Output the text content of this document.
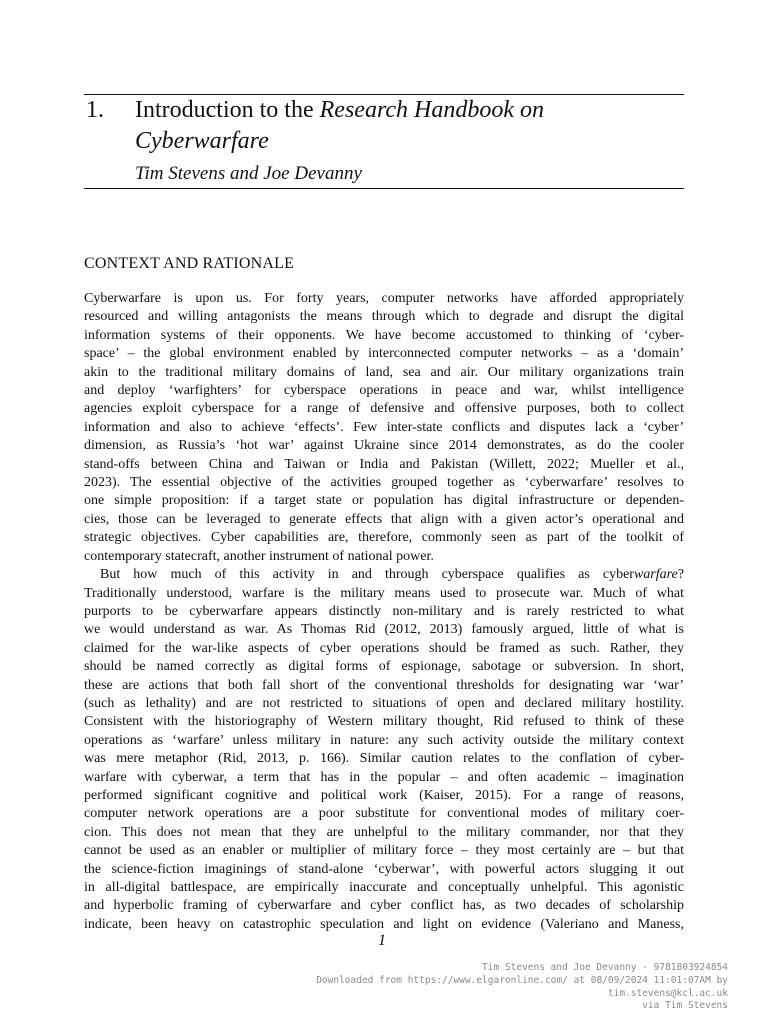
1. Introduction to the Research Handbook on
Cyberwarfare
Tim Stevens and Joe Devanny
CONTEXT AND RATIONALE

Cyberwarfare is upon us. For forty years, computer networks have afforded appropriately

resourced and willing antagonists the means through which to degrade and disrupt the digital

information systems of their opponents. We have become accustomed to thinking of ‘cyber-

space’ – the global environment enabled by interconnected computer networks – as a ‘domain’

akin to the traditional military domains of land, sea and air. Our military organizations train

and deploy ‘warfighters’ for cyberspace operations in peace and war, whilst intelligence

agencies exploit cyberspace for a range of defensive and offensive purposes, both to collect

information and also to achieve ‘effects’. Few inter-state conflicts and disputes lack a ‘cyber’

dimension, as Russia’s ‘hot war’ against Ukraine since 2014 demonstrates, as do the cooler

stand-offs between China and Taiwan or India and Pakistan (Willett, 2022; Mueller et al.,

2023). The essential objective of the activities grouped together as ‘cyberwarfare’ resolves to

one simple proposition: if a target state or population has digital infrastructure or dependen-

cies, those can be leveraged to generate effects that align with a given actor’s operational and

strategic objectives. Cyber capabilities are, therefore, commonly seen as part of the toolkit of

contemporary statecraft, another instrument of national power.

But how much of this activity in and through cyberspace qualifies as cyberwarfare?

Traditionally understood, warfare is the military means used to prosecute war. Much of what

purports to be cyberwarfare appears distinctly non-military and is rarely restricted to what

we would understand as war. As Thomas Rid (2012, 2013) famously argued, little of what is

claimed for the war-like aspects of cyber operations should be framed as such. Rather, they

should be named correctly as digital forms of espionage, sabotage or subversion. In short,

these are actions that both fall short of the conventional thresholds for designating war ‘war’

(such as lethality) and are not restricted to situations of open and declared military hostility.

Consistent with the historiography of Western military thought, Rid refused to think of these

operations as ‘warfare’ unless military in nature: any such activity outside the military context

was mere metaphor (Rid, 2013, p. 166). Similar caution relates to the conflation of cyber-

warfare with cyberwar, a term that has in the popular – and often academic – imagination

performed significant cognitive and political work (Kaiser, 2015). For a range of reasons,

computer network operations are a poor substitute for conventional modes of military coer-

cion. This does not mean that they are unhelpful to the military commander, nor that they

cannot be used as an enabler or multiplier of military force – they most certainly are – but that

the science-fiction imaginings of stand-alone ‘cyberwar’, with powerful actors slugging it out

in all-digital battlespace, are empirically inaccurate and conceptually unhelpful. This agonistic

and hyperbolic framing of cyberwarfare and cyber conflict has, as two decades of scholarship

indicate, been heavy on catastrophic speculation and light on evidence (Valeriano and Maness,

1
Tim Stevens and Joe Devanny - 9781803924854
Downloaded from https://www.elgaronline.com/ at 08/09/2024 11:01:07AM by
tim.stevens@kcl.ac.uk
via Tim Stevens
